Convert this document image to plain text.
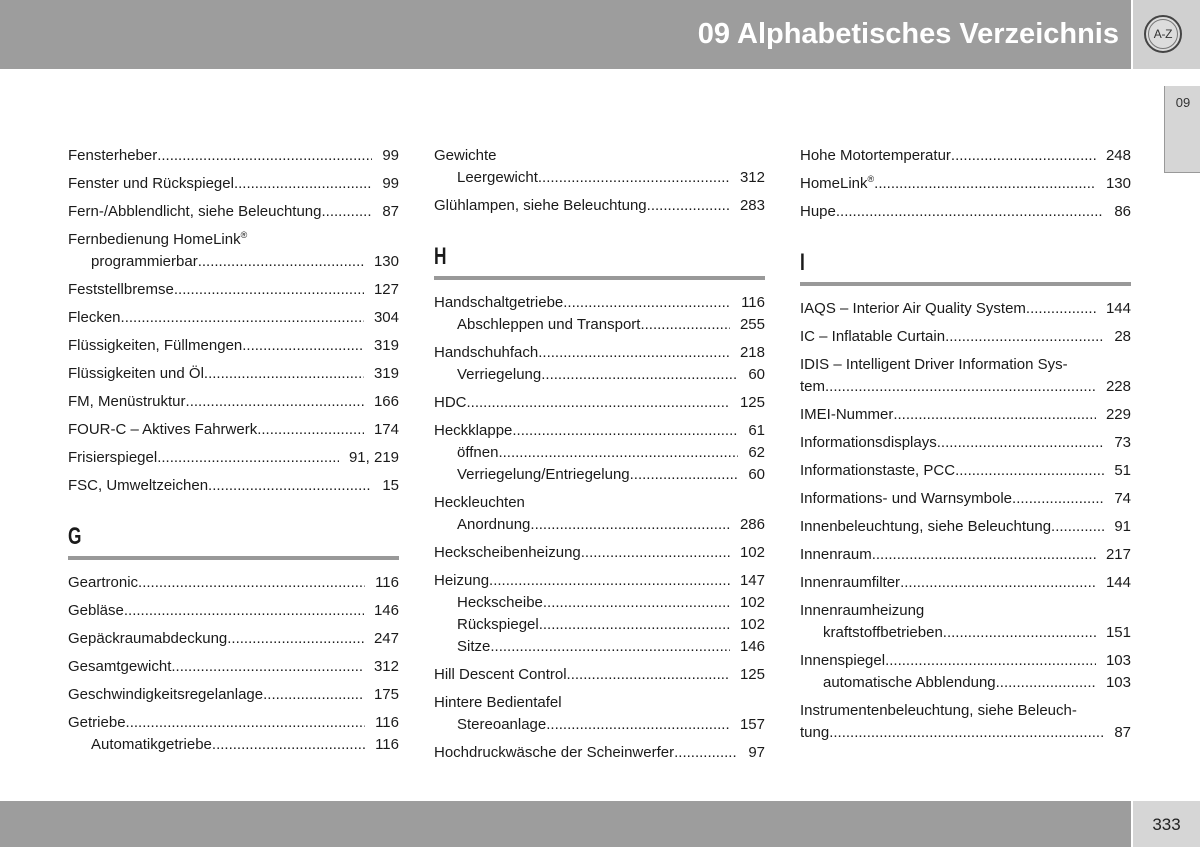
09 Alphabetisches Verzeichnis	A-Z
09
Fensterheber .....	99
Fenster und Rückspiegel .....	99
Fern-/Abblendlicht, siehe Beleuchtung .....	87
Fernbedienung HomeLink®
programmierbar .....	130
Feststellbremse .....	127
Flecken .....	304
Flüssigkeiten, Füllmengen .....	319
Flüssigkeiten und Öl .....	319
FM, Menüstruktur .....	166
FOUR-C – Aktives Fahrwerk .....	174
Frisierspiegel .....	91, 219
FSC, Umweltzeichen .....	15
G
Geartronic .....	116
Gebläse .....	146
Gepäckraumabdeckung .....	247
Gesamtgewicht .....	312
Geschwindigkeitsregelanlage .....	175
Getriebe .....	116
Automatikgetriebe .....	116
Gewichte
Leergewicht .....	312
Glühlampen, siehe Beleuchtung .....	283
H
Handschaltgetriebe .....	116
Abschleppen und Transport .....	255
Handschuhfach .....	218
Verriegelung .....	60
HDC .....	125
Heckklappe .....	61
öffnen .....	62
Verriegelung/Entriegelung .....	60
Heckleuchten
Anordnung .....	286
Heckscheibenheizung .....	102
Heizung .....	147
Heckscheibe .....	102
Rückspiegel .....	102
Sitze .....	146
Hill Descent Control .....	125
Hintere Bedientafel
Stereoanlage .....	157
Hochdruckwäsche der Scheinwerfer .....	97
Hohe Motortemperatur .....	248
HomeLink® .....	130
Hupe .....	86
I
IAQS – Interior Air Quality System .....	144
IC – Inflatable Curtain .....	28
IDIS – Intelligent Driver Information Sys-
tem .....	228
IMEI-Nummer .....	229
Informationsdisplays .....	73
Informationstaste, PCC .....	51
Informations- und Warnsymbole .....	74
Innenbeleuchtung, siehe Beleuchtung .....	91
Innenraum .....	217
Innenraumfilter .....	144
Innenraumheizung
kraftstoffbetrieben .....	151
Innenspiegel .....	103
automatische Abblendung .....	103
Instrumentenbeleuchtung, siehe Beleuch-
tung .....	87
333
